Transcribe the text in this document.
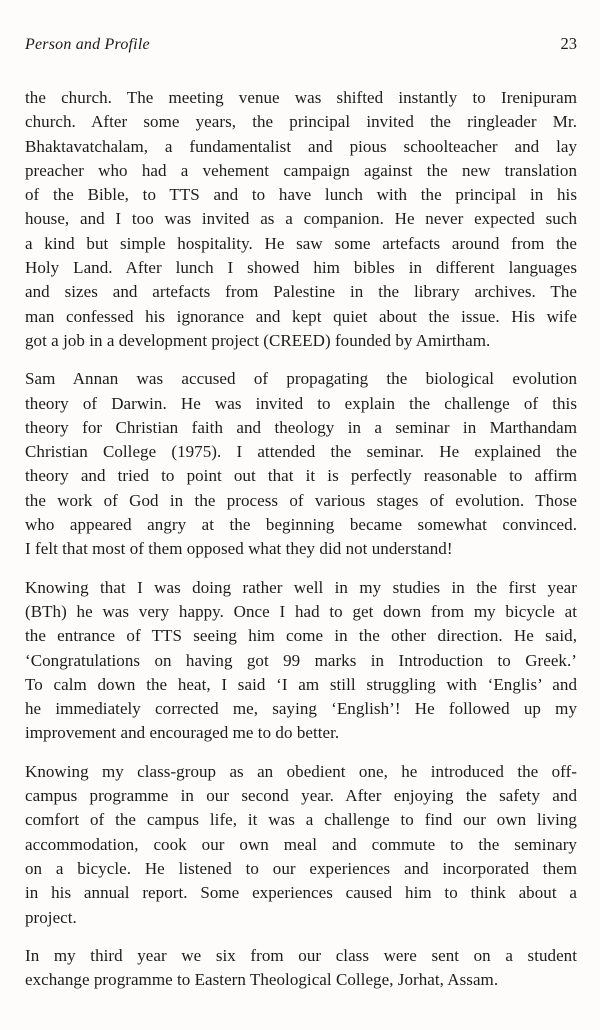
Person and Profile	23

the church. The meeting venue was shifted instantly to Irenipuram
church. After some years, the principal invited the ringleader Mr.
Bhaktavatchalam, a fundamentalist and pious schoolteacher and lay
preacher who had a vehement campaign against the new translation
of the Bible, to TTS and to have lunch with the principal in his
house, and I too was invited as a companion. He never expected such
a kind but simple hospitality. He saw some artefacts around from the
Holy Land. After lunch I showed him bibles in different languages
and sizes and artefacts from Palestine in the library archives. The
man confessed his ignorance and kept quiet about the issue. His wife
got a job in a development project (CREED) founded by Amirtham.

Sam Annan was accused of propagating the biological evolution
theory of Darwin. He was invited to explain the challenge of this
theory for Christian faith and theology in a seminar in Marthandam
Christian College (1975). I attended the seminar. He explained the
theory and tried to point out that it is perfectly reasonable to affirm
the work of God in the process of various stages of evolution. Those
who appeared angry at the beginning became somewhat convinced.
I felt that most of them opposed what they did not understand!

Knowing that I was doing rather well in my studies in the first year
(BTh) he was very happy. Once I had to get down from my bicycle at
the entrance of TTS seeing him come in the other direction. He said,
‘Congratulations on having got 99 marks in Introduction to Greek.’
To calm down the heat, I said ‘I am still struggling with ‘Englis’ and
he immediately corrected me, saying ‘English’! He followed up my
improvement and encouraged me to do better.

Knowing my class-group as an obedient one, he introduced the off-
campus programme in our second year. After enjoying the safety and
comfort of the campus life, it was a challenge to find our own living
accommodation, cook our own meal and commute to the seminary
on a bicycle. He listened to our experiences and incorporated them
in his annual report. Some experiences caused him to think about a
project.

In my third year we six from our class were sent on a student
exchange programme to Eastern Theological College, Jorhat, Assam.
